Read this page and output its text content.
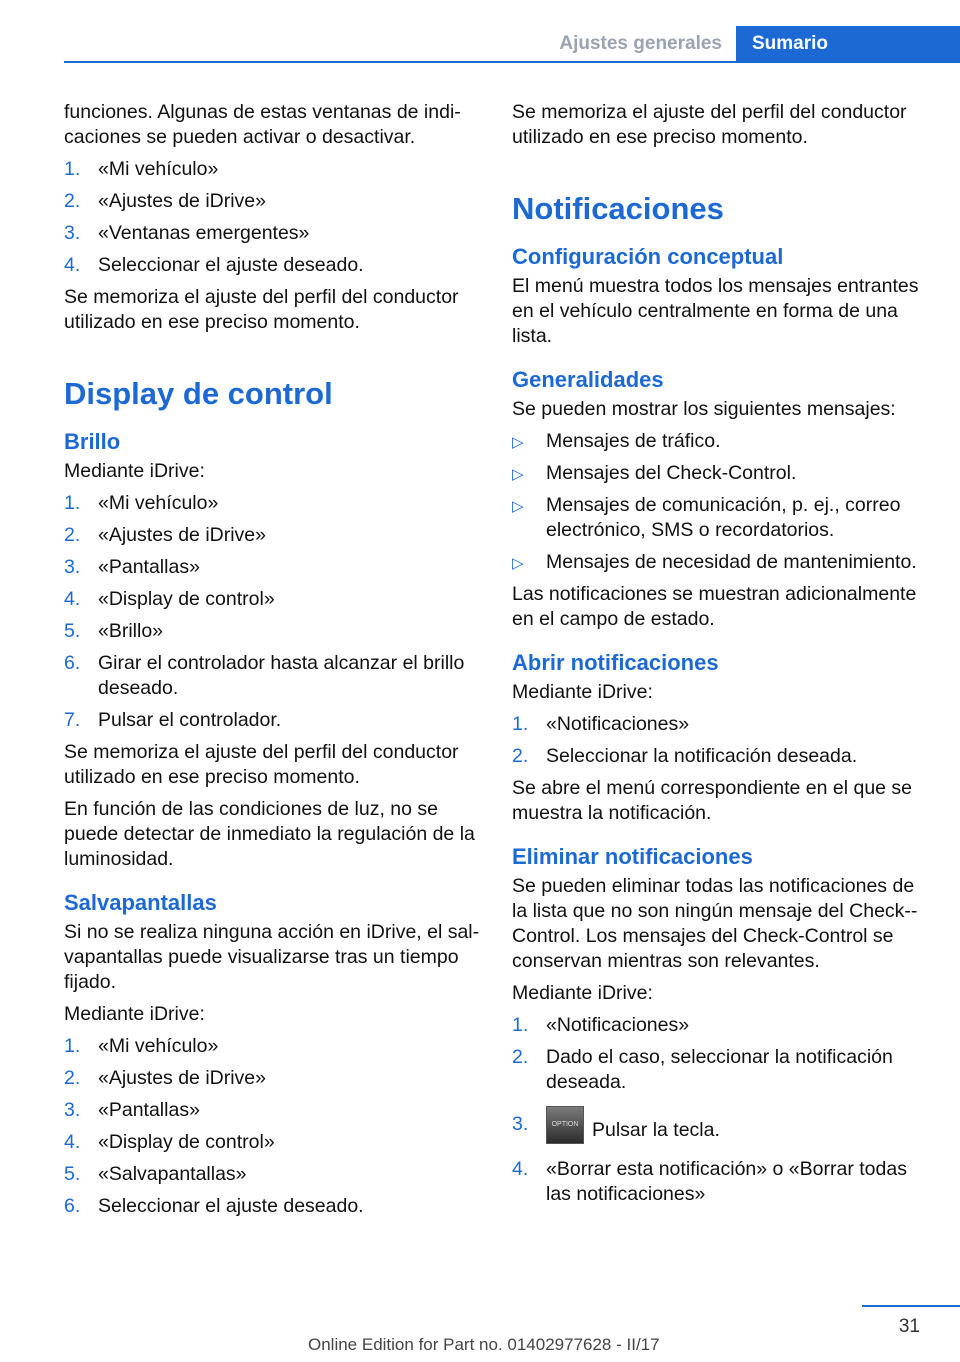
Ajustes generales	Sumario

funciones. Algunas de estas ventanas de indi‐caciones se pueden activar o desactivar.

1. «Mi vehículo»
2. «Ajustes de iDrive»
3. «Ventanas emergentes»
4. Seleccionar el ajuste deseado.

Se memoriza el ajuste del perfil del conductor utilizado en ese preciso momento.

Display de control
Brillo

Mediante iDrive:

1. «Mi vehículo»
2. «Ajustes de iDrive»
3. «Pantallas»
4. «Display de control»
5. «Brillo»
6. Girar el controlador hasta alcanzar el brillo deseado.
7. Pulsar el controlador.

Se memoriza el ajuste del perfil del conductor utilizado en ese preciso momento.

En función de las condiciones de luz, no se puede detectar de inmediato la regulación de la luminosidad.

Salvapantallas

Si no se realiza ninguna acción en iDrive, el sal‐vapantallas puede visualizarse tras un tiempo fijado.

Mediante iDrive:

1. «Mi vehículo»
2. «Ajustes de iDrive»
3. «Pantallas»
4. «Display de control»
5. «Salvapantallas»
6. Seleccionar el ajuste deseado.

Se memoriza el ajuste del perfil del conductor utilizado en ese preciso momento.

Notificaciones
Configuración conceptual

El menú muestra todos los mensajes entrantes en el vehículo centralmente en forma de una lista.

Generalidades

Se pueden mostrar los siguientes mensajes:

▷ Mensajes de tráfico.
▷ Mensajes del Check-Control.
▷ Mensajes de comunicación, p. ej., correo electrónico, SMS o recordatorios.
▷ Mensajes de necesidad de mantenimiento.

Las notificaciones se muestran adicionalmente en el campo de estado.

Abrir notificaciones

Mediante iDrive:

1. «Notificaciones»
2. Seleccionar la notificación deseada.

Se abre el menú correspondiente en el que se muestra la notificación.

Eliminar notificaciones

Se pueden eliminar todas las notificaciones de la lista que no son ningún mensaje del Check-‐Control. Los mensajes del Check-Control se conservan mientras son relevantes.

Mediante iDrive:

1. «Notificaciones»
2. Dado el caso, seleccionar la notificación deseada.
3.	OPTION Pulsar la tecla.
4. «Borrar esta notificación» o «Borrar todas las notificaciones»
31
Online Edition for Part no. 01402977628 - II/17
